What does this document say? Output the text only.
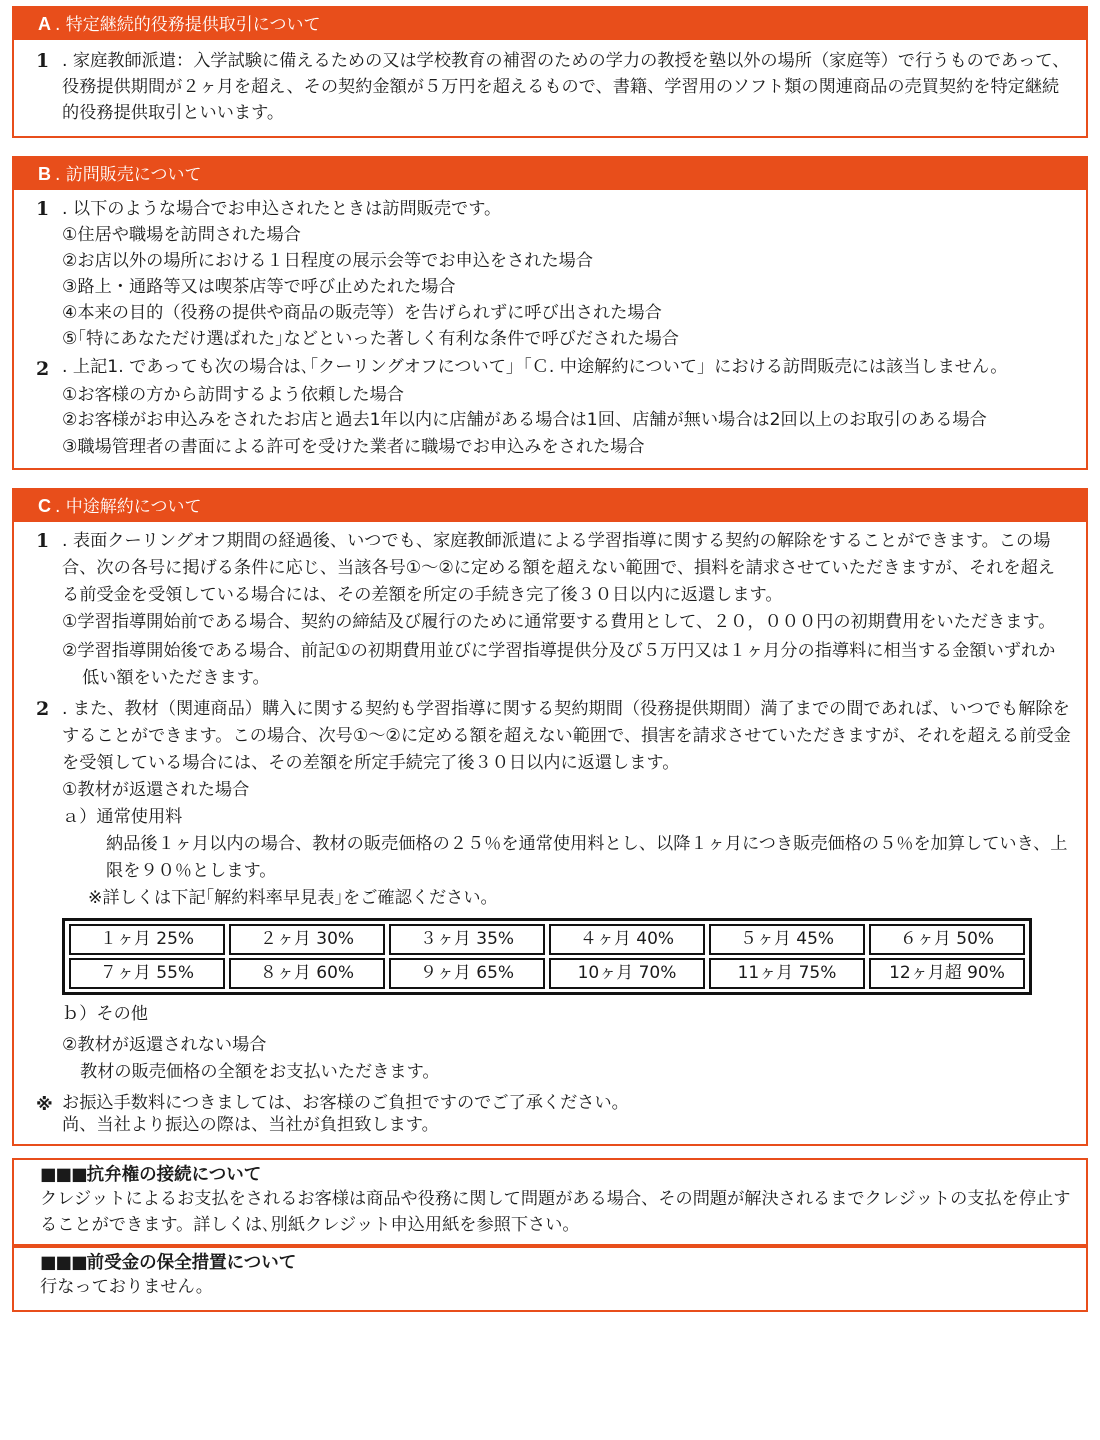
A . 特定継続的役務提供取引について
1 . 家庭教師派遣：入学試験に備えるための又は学校教育の補習のための学力の教授を塾以外の場所（家庭等）で行うものであって、役務提供期間が２ヶ月を超え、その契約金額が５万円を超えるもので、書籍、学習用のソフト類の関連商品の売買契約を特定継続的役務提供取引といいます。
B . 訪問販売について
1 . 以下のような場合でお申込されたときは訪問販売です。
①住居や職場を訪問された場合
②お店以外の場所における１日程度の展示会等でお申込をされた場合
③路上・通路等又は喫茶店等で呼び止めたれた場合
④本来の目的（役務の提供や商品の販売等）を告げられずに呼び出された場合
⑤｢特にあなただけ選ばれた｣などといった著しく有利な条件で呼びだされた場合
2 . 上記1. であっても次の場合は､｢クーリングオフについて｣「Ｃ. 中途解約について」における訪問販売には該当しません。
①お客様の方から訪問するよう依頼した場合
②お客様がお申込みをされたお店と過去1年以内に店舗がある場合は1回、店舗が無い場合は2回以上のお取引のある場合
③職場管理者の書面による許可を受けた業者に職場でお申込みをされた場合
C . 中途解約について
1 . 表面クーリングオフ期間の経過後、いつでも、家庭教師派遣による学習指導に関する契約の解除をすることができます。この場合、次の各号に掲げる条件に応じ、当該各号①～②に定める額を超えない範囲で、損料を請求させていただきますが、それを超える前受金を受領している場合には、その差額を所定の手続き完了後３０日以内に返還します。
①学習指導開始前である場合、契約の締結及び履行のために通常要する費用として、２０，０００円の初期費用をいただきます。
②学習指導開始後である場合、前記①の初期費用並びに学習指導提供分及び５万円又は１ヶ月分の指導料に相当する金額いずれか低い額をいただきます。
2 . また、教材（関連商品）購入に関する契約も学習指導に関する契約期間（役務提供期間）満了までの間であれば、いつでも解除をすることができます。この場合、次号①～②に定める額を超えない範囲で、損害を請求させていただきますが、それを超える前受金を受領している場合には、その差額を所定手続完了後３０日以内に返還します。
①教材が返還された場合
ａ）通常使用料
納品後１ヶ月以内の場合、教材の販売価格の２５％を通常使用料とし、以降１ヶ月につき販売価格の５％を加算していき、上限を９０％とします。
※詳しくは下記｢解約料率早見表｣をご確認ください。
１ヶ月 25%	２ヶ月 30%	３ヶ月 35%	４ヶ月 40%	５ヶ月 45%	６ヶ月 50%
７ヶ月 55%	８ヶ月 60%	９ヶ月 65%	10ヶ月 70%	11ヶ月 75%	12ヶ月超 90%
ｂ）その他
②教材が返還されない場合
教材の販売価格の全額をお支払いただきます。
※ お振込手数料につきましては、お客様のご負担ですのでご了承ください。
尚、当社より振込の際は、当社が負担致します。
■■■抗弁権の接続について
クレジットによるお支払をされるお客様は商品や役務に関して問題がある場合、その問題が解決されるまでクレジットの支払を停止することができます。詳しくは､別紙クレジット申込用紙を参照下さい。
■■■前受金の保全措置について
行なっておりません。
